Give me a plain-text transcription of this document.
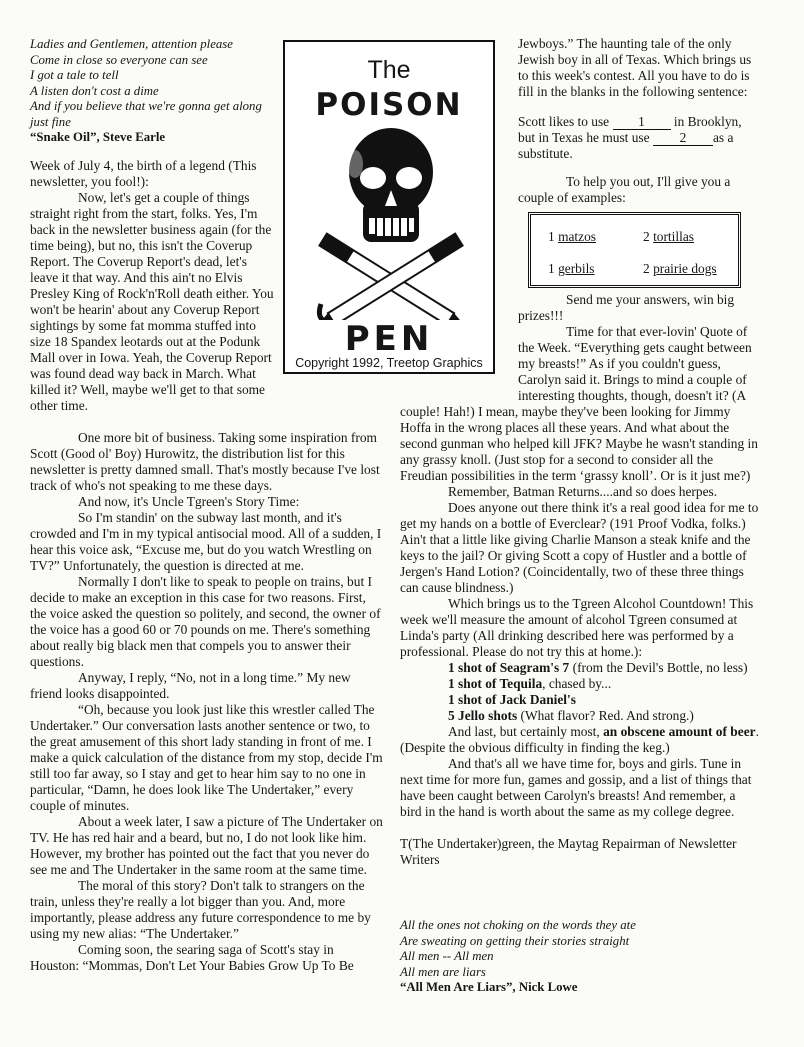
Ladies and Gentlemen, attention please
Come in close so everyone can see
I got a tale to tell
A listen don't cost a dime
And if you believe that we're gonna get along
just fine
“Snake Oil”, Steve Earle
The
POISON
PEN
Copyright 1992, Treetop Graphics

Week of July 4, the birth of a legend (This newsletter, you fool!):

Now, let's get a couple of things straight right from the start, folks. Yes, I'm back in the newsletter business again (for the time being), but no, this isn't the Coverup Report. The Coverup Report's dead, let's leave it that way. And this ain't no Elvis Presley King of Rock'n'Roll death either. You won't be hearin' about any Coverup Report sightings by some fat momma stuffed into size 18 Spandex leotards out at the Podunk Mall over in Iowa. Yeah, the Coverup Report was found dead way back in March. What killed it? Well, maybe we'll get to that some other time.

One more bit of business. Taking some inspiration from Scott (Good ol' Boy) Hurowitz, the distribution list for this newsletter is pretty damned small. That's mostly because I've lost track of who's not speaking to me these days.

And now, it's Uncle Tgreen's Story Time:

So I'm standin' on the subway last month, and it's crowded and I'm in my typical antisocial mood. All of a sudden, I hear this voice ask, “Excuse me, but do you watch Wrestling on TV?” Unfortunately, the question is directed at me.

Normally I don't like to speak to people on trains, but I decide to make an exception in this case for two reasons. First, the voice asked the question so politely, and second, the owner of the voice has a good 60 or 70 pounds on me. There's something about really big black men that compels you to answer their questions.

Anyway, I reply, “No, not in a long time.” My new friend looks disappointed.

“Oh, because you look just like this wrestler called The Undertaker.” Our conversation lasts another sentence or two, to the great amusement of this short lady standing in front of me. I make a quick calculation of the distance from my stop, decide I'm still too far away, so I stay and get to hear him say to no one in particular, “Damn, he does look like The Undertaker,” every couple of minutes.

About a week later, I saw a picture of The Undertaker on TV. He has red hair and a beard, but no, I do not look like him. However, my brother has pointed out the fact that you never do see me and The Undertaker in the same room at the same time.

The moral of this story? Don't talk to strangers on the train, unless they're really a lot bigger than you. And, more importantly, please address any future correspondence to me by using my new alias: “The Undertaker.”

Coming soon, the searing saga of Scott's stay in Houston: “Mommas, Don't Let Your Babies Grow Up To Be

Jewboys.” The haunting tale of the only Jewish boy in all of Texas. Which brings us to this week's contest. All you have to do is fill in the blanks in the following sentence:

Scott likes to use 1 in Brooklyn,
but in Texas he must use 2 as a
substitute.

To help you out, I'll give you a couple of examples:

1 matzos	2 tortillas
1 gerbils	2 prairie dogs

Send me your answers, win big prizes!!!

Time for that ever-lovin' Quote of the Week. “Everything gets caught between my breasts!” As if you couldn't guess, Carolyn said it. Brings to mind a couple of interesting thoughts, though, doesn't it? (A

couple! Hah!) I mean, maybe they've been looking for Jimmy Hoffa in the wrong places all these years. And what about the second gunman who helped kill JFK? Maybe he wasn't standing in any grassy knoll. (Just stop for a second to consider all the Freudian possibilities in the term ‘grassy knoll’. Or is it just me?)

Remember, Batman Returns....and so does herpes.

Does anyone out there think it's a real good idea for me to get my hands on a bottle of Everclear? (191 Proof Vodka, folks.) Ain't that a little like giving Charlie Manson a steak knife and the keys to the jail? Or giving Scott a copy of Hustler and a bottle of Jergen's Hand Lotion? (Coincidentally, two of these three things can cause blindness.)

Which brings us to the Tgreen Alcohol Countdown! This week we'll measure the amount of alcohol Tgreen consumed at Linda's party (All drinking described here was performed by a professional. Please do not try this at home.):

1 shot of Seagram's 7 (from the Devil's Bottle, no less)
1 shot of Tequila, chased by...
1 shot of Jack Daniel's
5 Jello shots (What flavor? Red. And strong.)

And last, but certainly most, an obscene amount of beer. (Despite the obvious difficulty in finding the keg.)

And that's all we have time for, boys and girls. Tune in next time for more fun, games and gossip, and a list of things that have been caught between Carolyn's breasts! And remember, a bird in the hand is worth about the same as my college degree.

T(The Undertaker)green, the Maytag Repairman of Newsletter Writers

All the ones not choking on the words they ate
Are sweating on getting their stories straight
All men -- All men
All men are liars
“All Men Are Liars”, Nick Lowe
